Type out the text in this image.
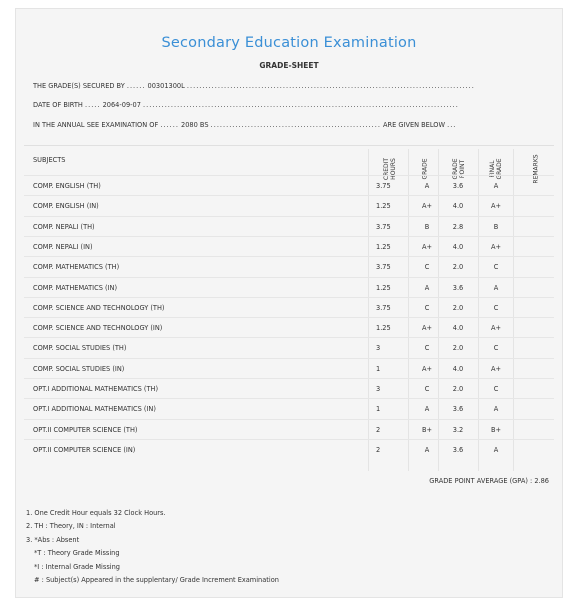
Secondary Education Examination
GRADE-SHEET
THE GRADE(S) SECURED BY ...... 00301300L .............................................................................................
DATE OF BIRTH ..... 2064-09-07 ......................................................................................................
IN THE ANNUAL SEE EXAMINATION OF ...... 2080 BS ....................................................... ARE GIVEN BELOW ...
SUBJECTS	CREDIT HOURS	GRADE	GRADE POINT	FINAL GRADE	REMARKS
COMP. ENGLISH (TH)	3.75	A	3.6	A
COMP. ENGLISH (IN)	1.25	A+	4.0	A+
COMP. NEPALI (TH)	3.75	B	2.8	B
COMP. NEPALI (IN)	1.25	A+	4.0	A+
COMP. MATHEMATICS (TH)	3.75	C	2.0	C
COMP. MATHEMATICS (IN)	1.25	A	3.6	A
COMP. SCIENCE AND TECHNOLOGY (TH)	3.75	C	2.0	C
COMP. SCIENCE AND TECHNOLOGY (IN)	1.25	A+	4.0	A+
COMP. SOCIAL STUDIES (TH)	3	C	2.0	C
COMP. SOCIAL STUDIES (IN)	1	A+	4.0	A+
OPT.I ADDITIONAL MATHEMATICS (TH)	3	C	2.0	C
OPT.I ADDITIONAL MATHEMATICS (IN)	1	A	3.6	A
OPT.II COMPUTER SCIENCE (TH)	2	B+	3.2	B+
OPT.II COMPUTER SCIENCE (IN)	2	A	3.6	A
GRADE POINT AVERAGE (GPA) : 2.86
1. One Credit Hour equals 32 Clock Hours.
2. TH : Theory, IN : Internal
3. *Abs : Absent
*T : Theory Grade Missing
*I : Internal Grade Missing
# : Subject(s) Appeared in the supplentary/ Grade Increment Examination
